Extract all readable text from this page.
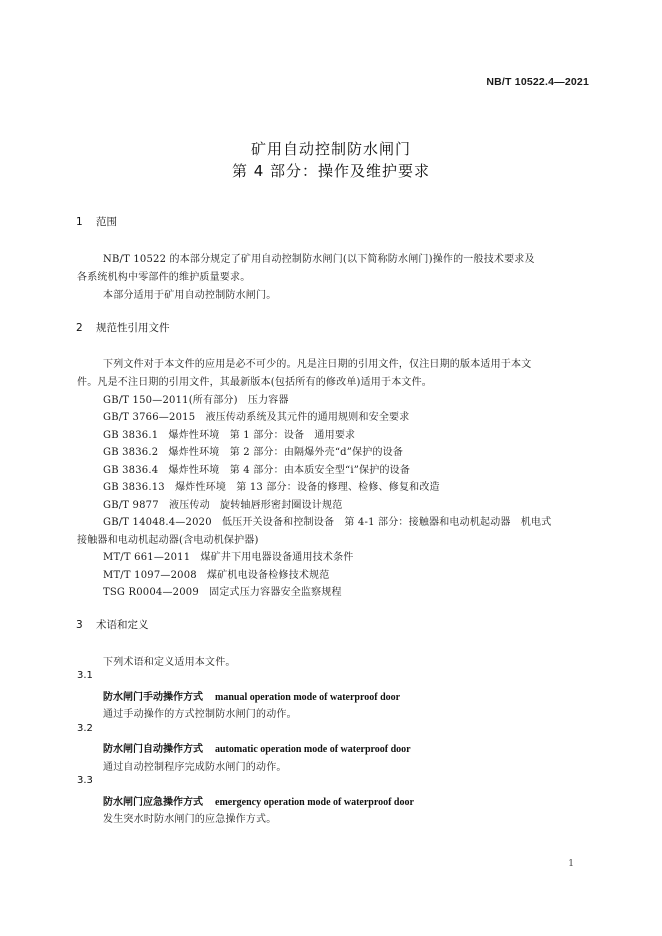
NB/T 10522.4—2021
矿用自动控制防水闸门
第 4 部分：操作及维护要求
1 范围
NB/T 10522 的本部分规定了矿用自动控制防水闸门(以下简称防水闸门)操作的一般技术要求及
各系统机构中零部件的维护质量要求。
本部分适用于矿用自动控制防水闸门。
2 规范性引用文件
下列文件对于本文件的应用是必不可少的。凡是注日期的引用文件，仅注日期的版本适用于本文
件。凡是不注日期的引用文件，其最新版本(包括所有的修改单)适用于本文件。
GB/T 150—2011(所有部分)　压力容器
GB/T 3766—2015　液压传动系统及其元件的通用规则和安全要求
GB 3836.1　爆炸性环境　第 1 部分：设备　通用要求
GB 3836.2　爆炸性环境　第 2 部分：由隔爆外壳“d”保护的设备
GB 3836.4　爆炸性环境　第 4 部分：由本质安全型“i”保护的设备
GB 3836.13　爆炸性环境　第 13 部分：设备的修理、检修、修复和改造
GB/T 9877　液压传动　旋转轴唇形密封圈设计规范
GB/T 14048.4—2020　低压开关设备和控制设备　第 4-1 部分：接触器和电动机起动器　机电式
接触器和电动机起动器(含电动机保护器)
MT/T 661—2011　煤矿井下用电器设备通用技术条件
MT/T 1097—2008　煤矿机电设备检修技术规范
TSG R0004—2009　固定式压力容器安全监察规程
3 术语和定义
下列术语和定义适用本文件。
3.1
防水闸门手动操作方式 manual operation mode of waterproof door
通过手动操作的方式控制防水闸门的动作。
3.2
防水闸门自动操作方式 automatic operation mode of waterproof door
通过自动控制程序完成防水闸门的动作。
3.3
防水闸门应急操作方式 emergency operation mode of waterproof door
发生突水时防水闸门的应急操作方式。
1
